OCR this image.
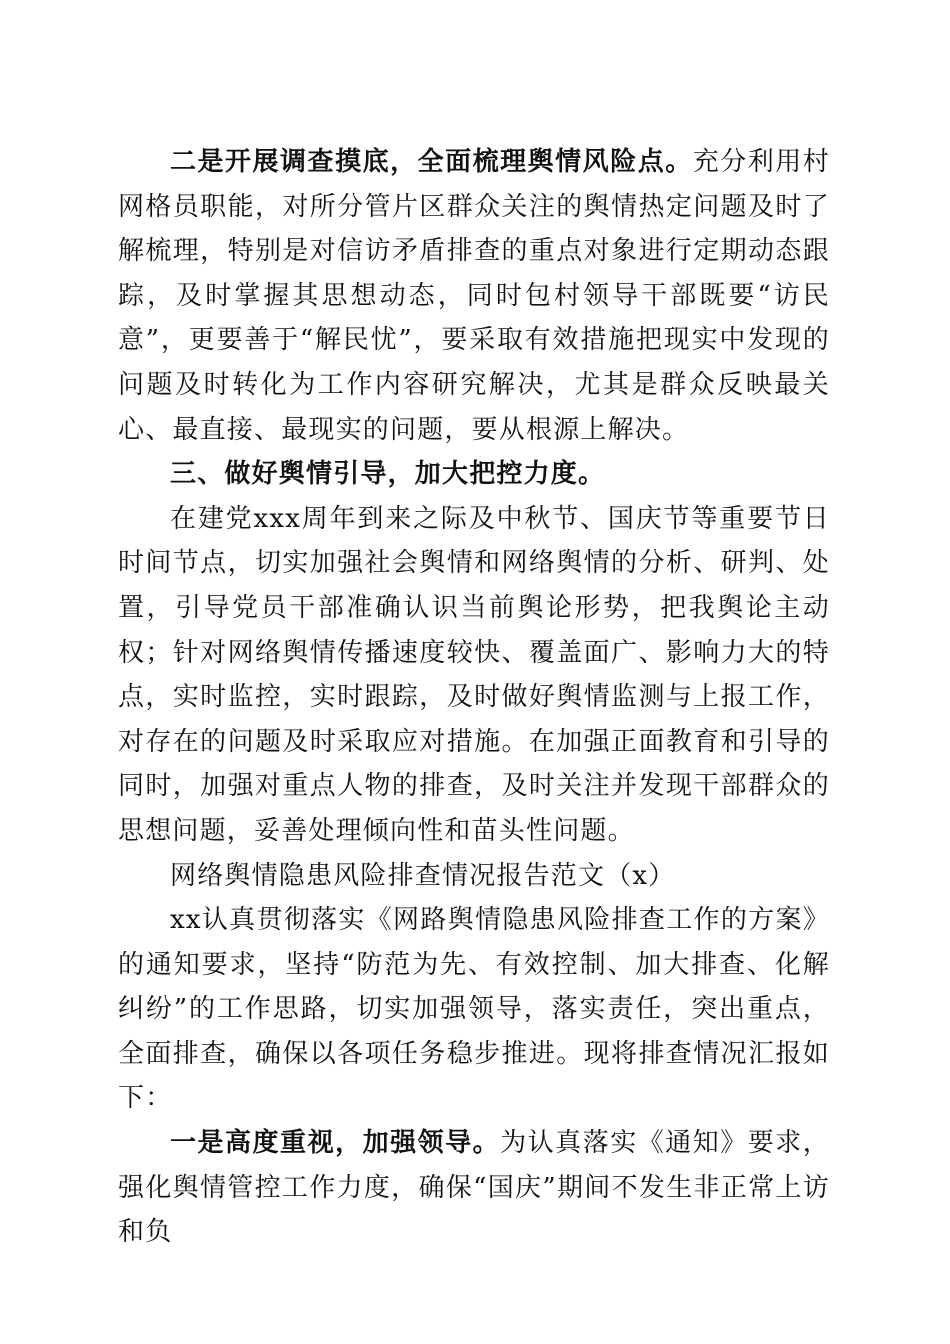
二是开展调查摸底，全面梳理舆情风险点。充分利用村网格员职能，对所分管片区群众关注的舆情热定问题及时了解梳理，特别是对信访矛盾排查的重点对象进行定期动态跟踪，及时掌握其思想动态，同时包村领导干部既要“访民意”，更要善于“解民忧”，要采取有效措施把现实中发现的问题及时转化为工作内容研究解决，尤其是群众反映最关心、最直接、最现实的问题，要从根源上解决。

三、做好舆情引导，加大把控力度。

在建党xxx周年到来之际及中秋节、国庆节等重要节日时间节点，切实加强社会舆情和网络舆情的分析、研判、处置，引导党员干部准确认识当前舆论形势，把我舆论主动权；针对网络舆情传播速度较快、覆盖面广、影响力大的特点，实时监控，实时跟踪，及时做好舆情监测与上报工作，对存在的问题及时采取应对措施。在加强正面教育和引导的同时，加强对重点人物的排查，及时关注并发现干部群众的思想问题，妥善处理倾向性和苗头性问题。

网络舆情隐患风险排查情况报告范文（x）

xx认真贯彻落实《网路舆情隐患风险排查工作的方案》的通知要求，坚持“防范为先、有效控制、加大排查、化解纠纷”的工作思路，切实加强领导，落实责任，突出重点，全面排查，确保以各项任务稳步推进。现将排查情况汇报如下：

一是高度重视，加强领导。为认真落实《通知》要求，强化舆情管控工作力度，确保“国庆”期间不发生非正常上访和负
